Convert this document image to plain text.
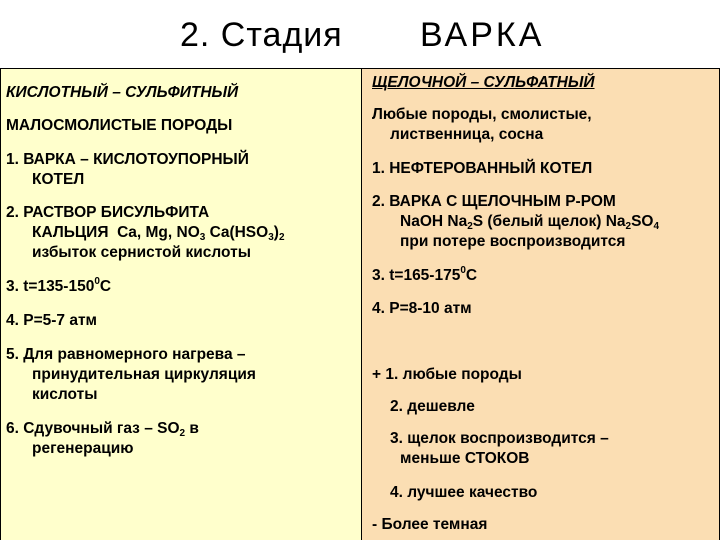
2. Стадия ВАРКА
КИСЛОТНЫЙ – СУЛЬФИТНЫЙ
МАЛОСМОЛИСТЫЕ ПОРОДЫ
1. ВАРКА – КИСЛОТОУПОРНЫЙ
КОТЕЛ
2. РАСТВОР БИСУЛЬФИТА
КАЛЬЦИЯ Ca, Mg, $NO_3$ $Ca(HSO_3)_2$
избыток сернистой кислоты
3. $t=135-150^0С$
4. P=5-7 атм
5. Для равномерного нагрева –
принудительная циркуляция
кислоты
6. Сдувочный газ – $SO_2$ в
регенерацию
ЩЕЛОЧНОЙ – СУЛЬФАТНЫЙ
Любые породы, смолистые,
лиственница, сосна
1. НЕФТЕРОВАННЫЙ КОТЕЛ
2. ВАРКА С ЩЕЛОЧНЫМ Р-РОМ
NaOH $Na_2S$ (белый щелок) $Na_2SO_4$
при потере воспроизводится
3. $t=165-175^0С$
4. P=8-10 атм
+ 1. любые породы
2. дешевле
3. щелок воспроизводится –
меньше СТОКОВ
4. лучшее качество
- Более темная
